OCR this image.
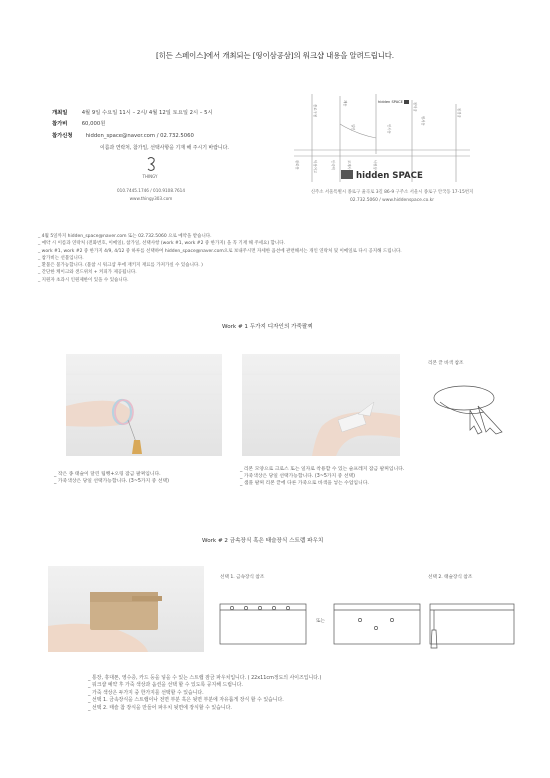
[히든 스페이스]에서 개최되는 [띵이삼공삼]의 워크샵 내용을 알려드립니다.
개최일	4월 9일 수요일 11시 – 2시/ 4월 12일 토요일 2시 – 5시
참가비	60,000원
참가신청 hidden_space@naver.com / 02.732.5060
이름과 연락처, 참가일, 선택사항을 기재 해 주시기 바랍니다.
THINGY
010.7445.1746 / 010.9108.7614
www.thingy303.com
종로구청
재동
일민
창덕궁
창경궁
광화문	덕성여고	안국역
인사동
원서동
조계사	낙원상가
hidden SPACE
hidden SPACE
신주소 서울특별시 종로구 율곡로 3길 86-9 구주소 서울시 종로구 안국동 17-15번지
02.732.5060 / www.hiddenspace.co.kr
_ 4월 5일까지 hidden_space@naver.com 또는 02.732.5060 으로 예약을 받습니다.
_ 예약 시 이름과 연락처 (전화번호, 이메일), 참가일, 선택사항 (work #1, work #2 중 한가지) 을 꼭 기재 해 주세요) 합니다.
_ work #1, work #2 중 한가지 4/9, 4/12 중 하루를 선택하여 hidden_space@naver.com으로 보내주시면 자세한 옵션에 관련해서는 개인 연락처 및 이메일로 다시 공지해 드립니다.
_ 참가비는 선불입니다.
_ 환불은 불가능합니다. (불참 시 워크샵 후에 재키지 재료를 가져가실 수 있습니다. )
_ 간단한 케이크와 샌드위치 + 커피가 제공됩니다.
_ 지원자 초과시 인원제한이 있을 수 있습니다.
Work # 1 두가지 디자인의 가죽팔찌
리본 끝 바색 참조
_ 작은 종 태슬이 달린 팁뱅+오링 잠금 팔찌입니다.
_ 가죽색상은 당일 선택가능합니다. (3~5가지 중 선택)
_ 리본 모양으로 크로스 또는 일자로 착용할 수 있는 슬프레지 잠금 팔찌입니다.
_ 가죽색상은 당일 선택가능합니다. (3~5가지 중 선택)
_ 샘플 팔찌 리본 끝에 다른 가죽으로 바색을 넣는 수업입니다.
Work # 2 금속장식 혹은 태슬장식 스트랩 파우치
선택 1. 금속장식 참조
또는
선택 2. 태슬장식 참조
_ 통장, 휴대폰, 영수증, 카드 등을 넣을 수 있는 스트랩 잠금 파우치입니다. ( 22x11cm정도의 사이즈입니다.)
_ 워크샵 예약 후 가죽 색상과 옵션을 선택 할 수 있도록 공지해 드립니다.
_ 가죽 색상은 두가지 중 한가지를 선택할 수 있습니다.
_ 선택 1. 금속장식을 스트랩이나 전면 부분 혹은 뒷면 부분에 자유롭게 장식 할 수 있습니다.
_ 선택 2. 태슬 참 장식을 만들어 파우치 뒷면에 장식할 수 있습니다.
